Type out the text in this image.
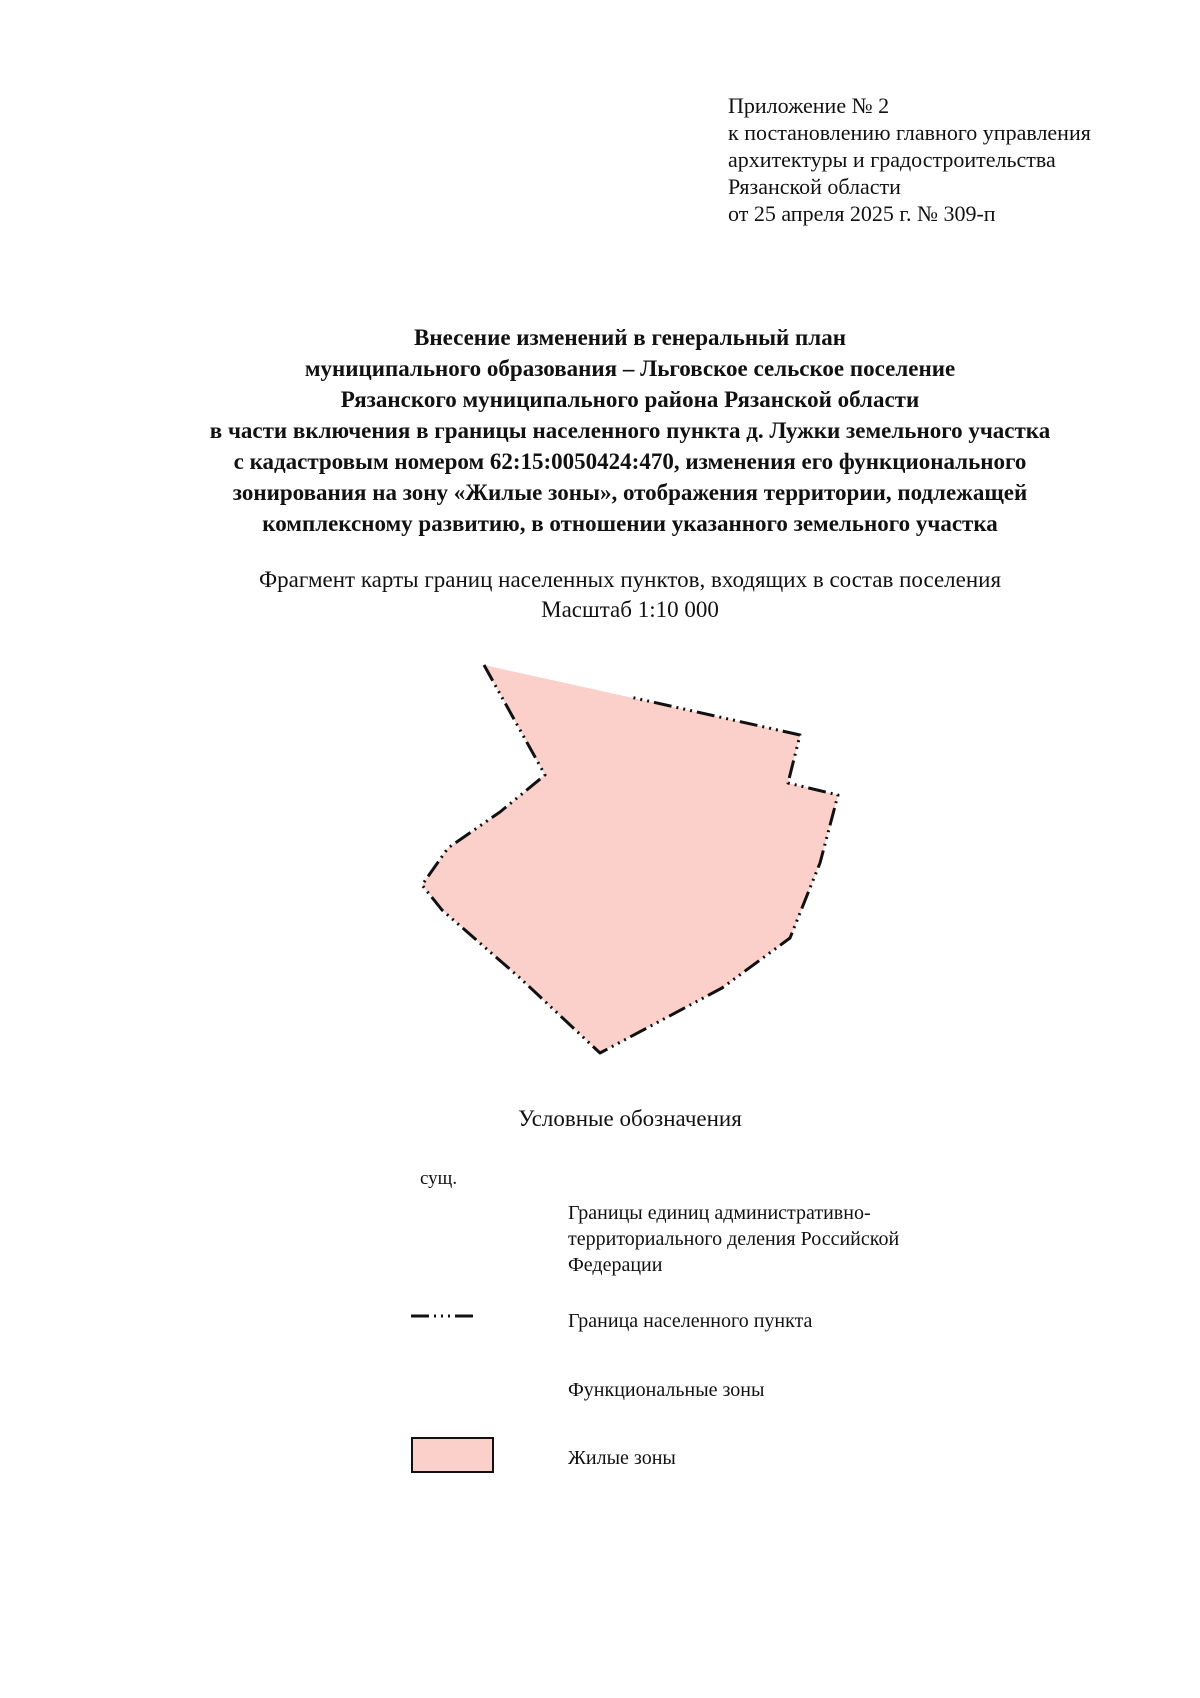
Приложение № 2
к постановлению главного управления
архитектуры и градостроительства
Рязанской области
от 25 апреля 2025 г. № 309-п
Внесение изменений в генеральный план
муниципального образования – Льговское сельское поселение
Рязанского муниципального района Рязанской области
в части включения в границы населенного пункта д. Лужки земельного участка
с кадастровым номером 62:15:0050424:470, изменения его функционального
зонирования на зону «Жилые зоны», отображения территории, подлежащей
комплексному развитию, в отношении указанного земельного участка
Фрагмент карты границ населенных пунктов, входящих в состав поселения
Масштаб 1:10 000
Условные обозначения
сущ.
Границы единиц административно-территориального деления Российской Федерации
Граница населенного пункта
Функциональные зоны
Жилые зоны
